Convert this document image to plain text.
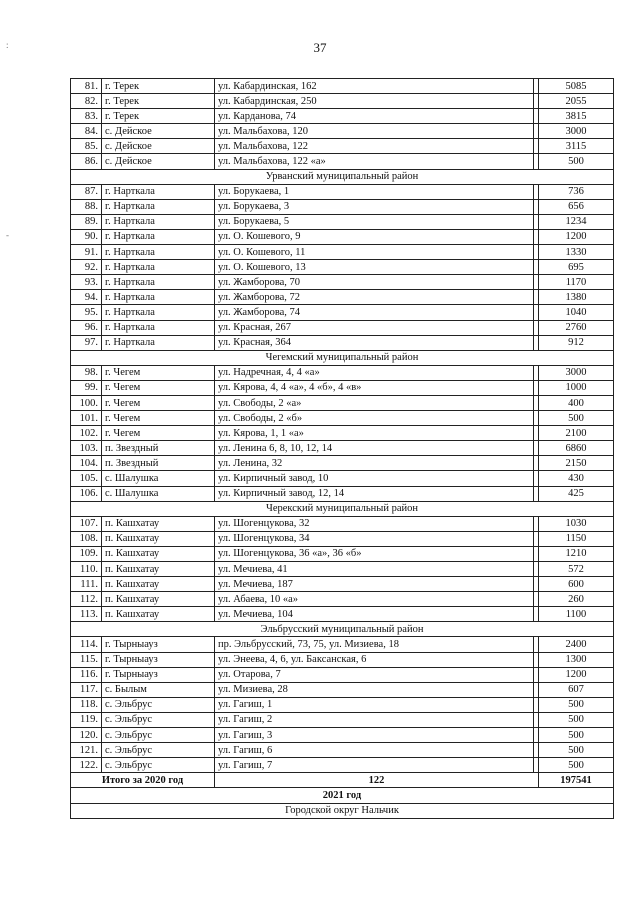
37
:
-
81.	г. Терек	ул. Кабардинская, 162		5085
82.	г. Терек	ул. Кабардинская, 250		2055
83.	г. Терек	ул. Карданова, 74		3815
84.	с. Дейское	ул. Мальбахова, 120		3000
85.	с. Дейское	ул. Мальбахова, 122		3115
86.	с. Дейское	ул. Мальбахова, 122 «а»		500
Урванский муниципальный район				
87.	г. Нарткала	ул. Борукаева, 1		736
88.	г. Нарткала	ул. Борукаева, 3		656
89.	г. Нарткала	ул. Борукаева, 5		1234
90.	г. Нарткала	ул. О. Кошевого, 9		1200
91.	г. Нарткала	ул. О. Кошевого, 11		1330
92.	г. Нарткала	ул. О. Кошевого, 13		695
93.	г. Нарткала	ул. Жамборова, 70		1170
94.	г. Нарткала	ул. Жамборова, 72		1380
95.	г. Нарткала	ул. Жамборова, 74		1040
96.	г. Нарткала	ул. Красная, 267		2760
97.	г. Нарткала	ул. Красная, 364		912
Чегемский муниципальный район				
98.	г. Чегем	ул. Надречная, 4, 4 «а»		3000
99.	г. Чегем	ул. Кярова, 4, 4 «а», 4 «б», 4 «в»		1000
100.	г. Чегем	ул. Свободы, 2 «а»		400
101.	г. Чегем	ул. Свободы, 2 «б»		500
102.	г. Чегем	ул. Кярова, 1, 1 «а»		2100
103.	п. Звездный	ул. Ленина 6, 8, 10, 12, 14		6860
104.	п. Звездный	ул. Ленина, 32		2150
105.	с. Шалушка	ул. Кирпичный завод, 10		430
106.	с. Шалушка	ул. Кирпичный завод, 12, 14		425
Черекский муниципальный район				
107.	п. Кашхатау	ул. Шогенцукова, 32		1030
108.	п. Кашхатау	ул. Шогенцукова, 34		1150
109.	п. Кашхатау	ул. Шогенцукова, 36 «а», 36 «б»		1210
110.	п. Кашхатау	ул. Мечиева, 41		572
111.	п. Кашхатау	ул. Мечиева, 187		600
112.	п. Кашхатау	ул. Абаева, 10 «а»		260
113.	п. Кашхатау	ул. Мечиева, 104		1100
Эльбрусский муниципальный район				
114.	г. Тырныауз	пр. Эльбрусский, 73, 75, ул. Мизиева, 18		2400
115.	г. Тырныауз	ул. Энеева, 4, 6, ул. Баксанская, 6		1300
116.	г. Тырныауз	ул. Отарова, 7		1200
117.	с. Былым	ул. Мизиева, 28		607
118.	с. Эльбрус	ул. Гагиш, 1		500
119.	с. Эльбрус	ул. Гагиш, 2		500
120.	с. Эльбрус	ул. Гагиш, 3		500
121.	с. Эльбрус	ул. Гагиш, 6		500
122.	с. Эльбрус	ул. Гагиш, 7		500
Итого за 2020 год		122		197541
2021 год				
Городской округ Нальчик				
